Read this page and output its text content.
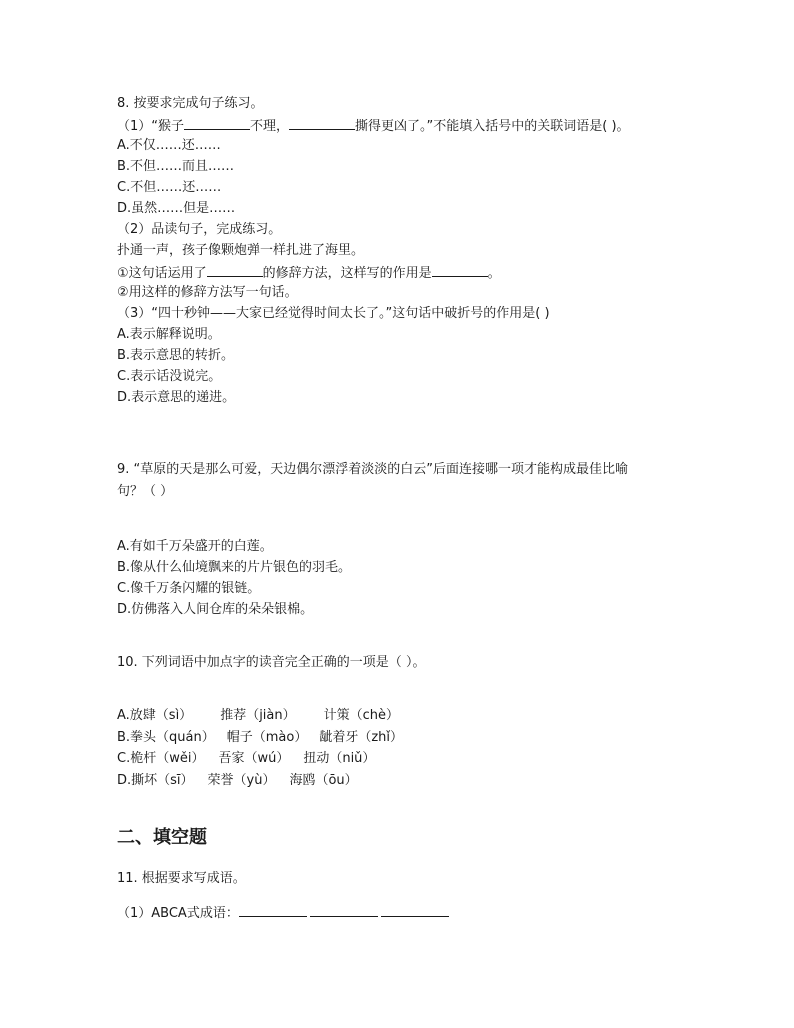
8. 按要求完成句子练习。
（1）“猴子	不理，	撕得更凶了。”不能填入括号中的关联词语是( )。
A.不仅……还……
B.不但……而且……
C.不但……还……
D.虽然……但是……
（2）品读句子，完成练习。
扑通一声，孩子像颗炮弹一样扎进了海里。
①这句话运用了	的修辞方法，这样写的作用是	。
②用这样的修辞方法写一句话。
（3）“四十秒钟——大家已经觉得时间太长了。”这句话中破折号的作用是( )
A.表示解释说明。
B.表示意思的转折。
C.表示话没说完。
D.表示意思的递进。
9. “草原的天是那么可爱，天边偶尔漂浮着淡淡的白云”后面连接哪一项才能构成最佳比喻
句？（ ）
A.有如千万朵盛开的白莲。
B.像从什么仙境飘来的片片银色的羽毛。
C.像千万条闪耀的银链。
D.仿佛落入人间仓库的朵朵银棉。
10. 下列词语中加点字的读音完全正确的一项是（ ）。
A.放肆（sì） 推荐（jiàn） 计策（chè）
B.拳头（quán） 帽子（mào） 龇着牙（zhǐ）
C.桅杆（wěi） 吾家（wú） 扭动（niǔ）
D.撕坏（sī） 荣誉（yù） 海鸥（ōu）
二、填空题
11. 根据要求写成语。
（1）ABCA式成语：
